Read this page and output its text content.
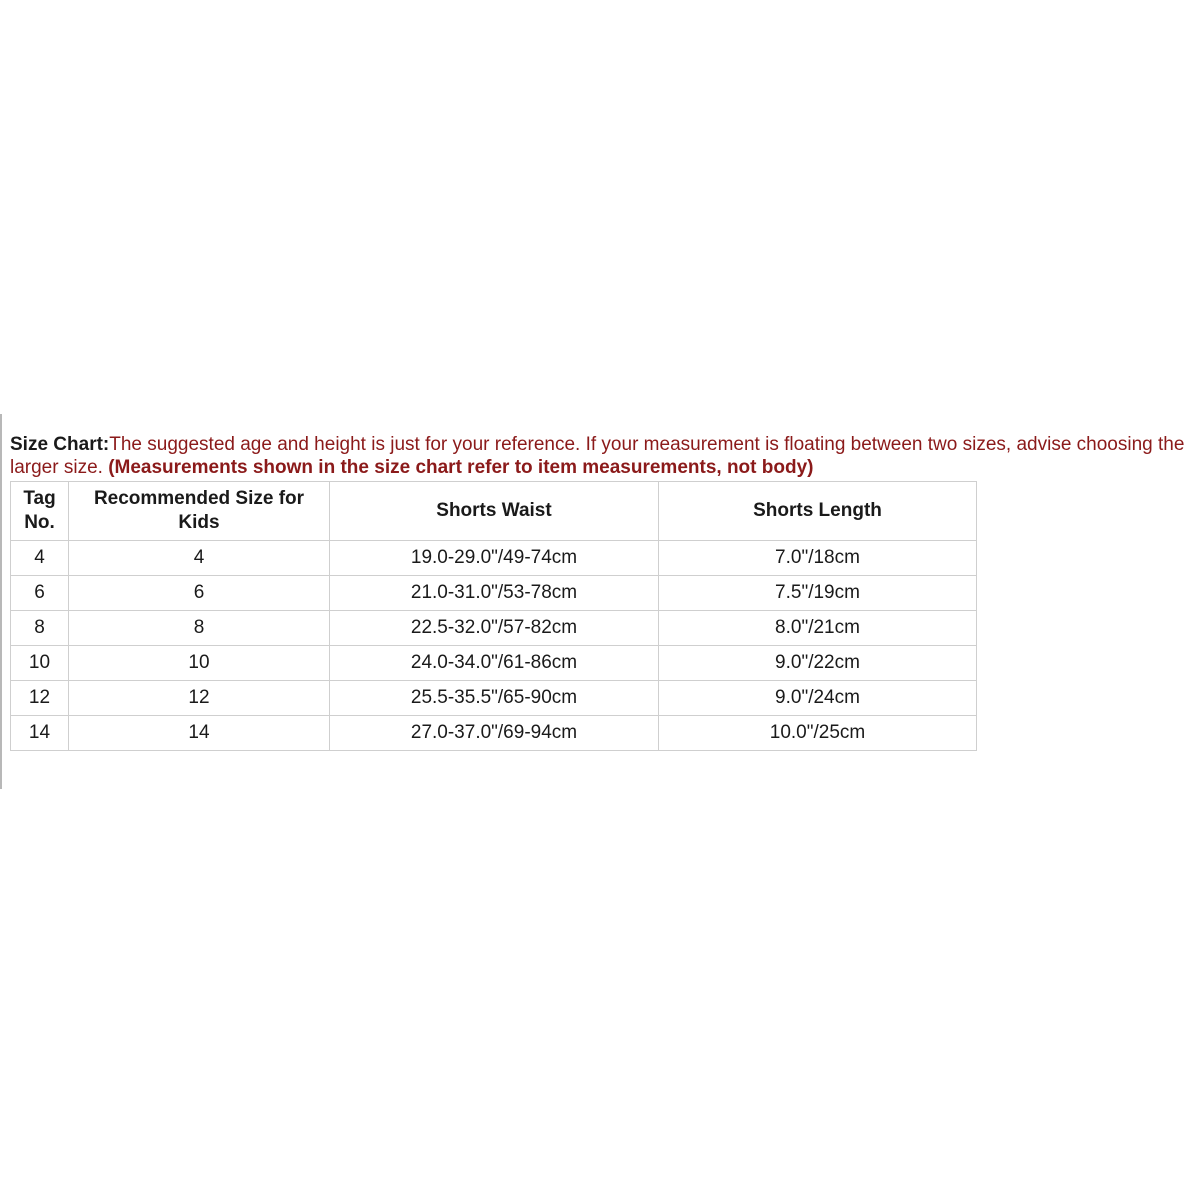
Size Chart:The suggested age and height is just for your reference. If your measurement is floating between two sizes, advise choosing the larger size. (Measurements shown in the size chart refer to item measurements, not body)
Tag No.	Recommended Size for Kids	Shorts Waist	Shorts Length
4	4	19.0-29.0"/49-74cm	7.0"/18cm
6	6	21.0-31.0"/53-78cm	7.5"/19cm
8	8	22.5-32.0"/57-82cm	8.0"/21cm
10	10	24.0-34.0"/61-86cm	9.0"/22cm
12	12	25.5-35.5"/65-90cm	9.0"/24cm
14	14	27.0-37.0"/69-94cm	10.0"/25cm
